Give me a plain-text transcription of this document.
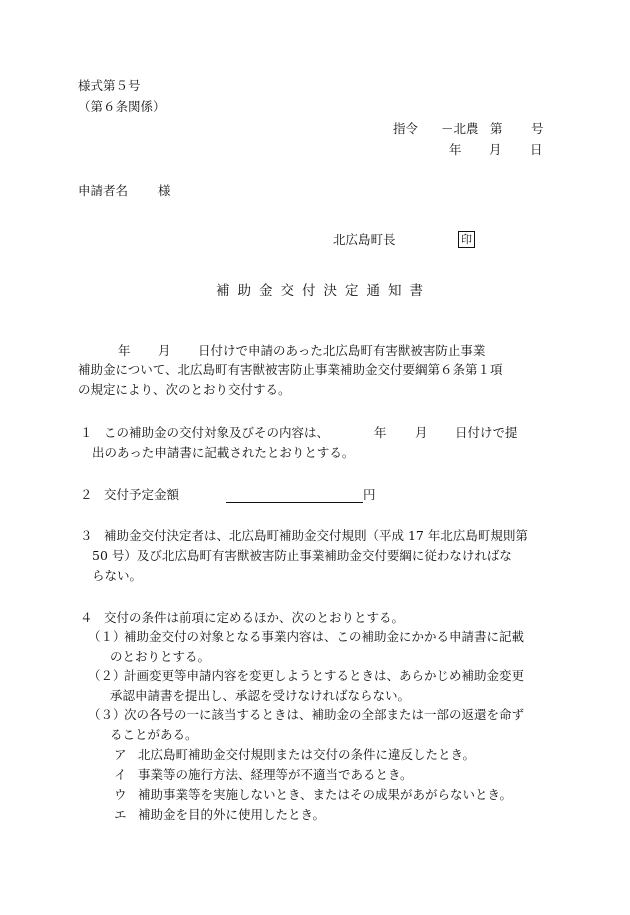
様式第５号
（第６条関係）
指令 －北農 第 号
年 月 日
申請者名 様
北広島町長	印
補助金交付決定通知書
年 月 日付けで申請のあった北広島町有害獣被害防止事業
補助金について、北広島町有害獣被害防止事業補助金交付要綱第６条第１項
の規定により、次のとおり交付する。
１ この補助金の交付対象及びその内容は、	年 月 日付けで提
出のあった申請書に記載されたとおりとする。
２ 交付予定金額	円
３ 補助金交付決定者は、北広島町補助金交付規則（平成 17 年北広島町規則第
50 号）及び北広島町有害獣被害防止事業補助金交付要綱に従わなければな
らない。
４ 交付の条件は前項に定めるほか、次のとおりとする。
（１）
補助金交付の対象となる事業内容は、この補助金にかかる申請書に記載
のとおりとする。
（２）
計画変更等申請内容を変更しようとするときは、あらかじめ補助金変更
承認申請書を提出し、承認を受けなければならない。
（３）
次の各号の一に該当するときは、補助金の全部または一部の返還を命ず
ることがある。
ア 北広島町補助金交付規則または交付の条件に違反したとき。
イ 事業等の施行方法、経理等が不適当であるとき。
ウ 補助事業等を実施しないとき、またはその成果があがらないとき。
エ 補助金を目的外に使用したとき。
